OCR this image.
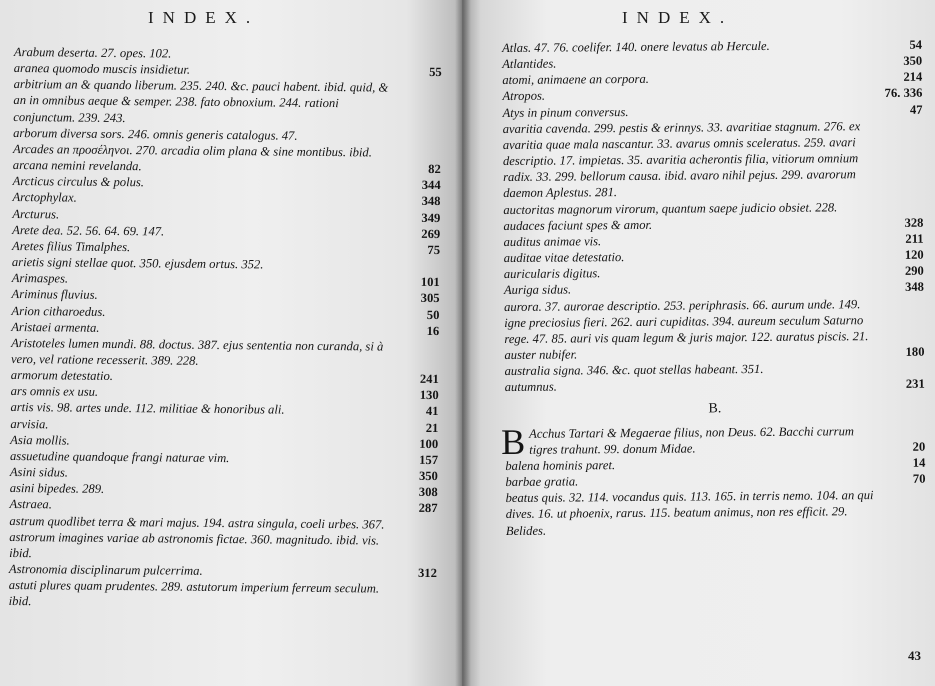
INDEX.
Arabum deserta. 27. opes. 102.
aranea quomodo muscis insidietur.	55
arbitrium an & quando liberum. 235. 240. &c. pauci habent. ibid. quid, & an in omnibus aeque & semper. 238. fato obnoxium. 244. rationi conjunctum. 239. 243.
arborum diversa sors. 246. omnis generis catalogus. 47.
Arcades an προσέληνοι. 270. arcadia olim plana & sine montibus. ibid.
arcana nemini revelanda.	82
Arcticus circulus & polus.	344
Arctophylax.	348
Arcturus.	349
Arete dea. 52. 56. 64. 69. 147.	269
Aretes filius Timalphes.	75
arietis signi stellae quot. 350. ejusdem ortus. 352.
Arimaspes.	101
Ariminus fluvius.	305
Arion citharoedus.	50
Aristaei armenta.	16
Aristoteles lumen mundi. 88. doctus. 387. ejus sententia non curanda, si à vero, vel ratione recesserit. 389. 228.
armorum detestatio.	241
ars omnis ex usu.	130
artis vis. 98. artes unde. 112. militiae & honoribus ali.	41
arvisia.	21
Asia mollis.	100
assuetudine quandoque frangi naturae vim.	157
Asini sidus.	350
asini bipedes. 289.	308
Astraea.	287
astrum quodlibet terra & mari majus. 194. astra singula, coeli urbes. 367. astrorum imagines variae ab astronomis fictae. 360. magnitudo. ibid. vis. ibid.
Astronomia disciplinarum pulcerrima.	312
astuti plures quam prudentes. 289. astutorum imperium ferreum seculum. ibid.
INDEX.
Atlas. 47. 76. coelifer. 140. onere levatus ab Hercule.	54
Atlantides.	350
atomi, animaene an corpora.	214
Atropos.	76. 336
Atys in pinum conversus.	47
avaritia cavenda. 299. pestis & erinnys. 33. avaritiae stagnum. 276. ex avaritia quae mala nascantur. 33. avarus omnis sceleratus. 259. avari descriptio. 17. impietas. 35. avaritia acherontis filia, vitiorum omnium radix. 33. 299. bellorum causa. ibid. avaro nihil pejus. 299. avarorum daemon Aplestus. 281.
auctoritas magnorum virorum, quantum saepe judicio obsiet. 228.
audaces faciunt spes & amor.	328
auditus animae vis.	211
auditae vitae detestatio.	120
auricularis digitus.	290
Auriga sidus.	348
aurora. 37. aurorae descriptio. 253. periphrasis. 66. aurum unde. 149. igne preciosius fieri. 262. auri cupiditas. 394. aureum seculum Saturno rege. 47. 85. auri vis quam legum & juris major. 122. auratus piscis. 21.
auster nubifer.	180
australia signa. 346. &c. quot stellas habeant. 351.
autumnus.	231
B.
B Acchus Tartari & Megaerae filius, non Deus. 62. Bacchi currum tigres trahunt. 99. donum Midae.	20
balena hominis paret.	14
barbae gratia.	70
beatus quis. 32. 114. vocandus quis. 113. 165. in terris nemo. 104. an qui dives. 16. ut phoenix, rarus. 115. beatum animus, non res efficit. 29.
Belides.
43
